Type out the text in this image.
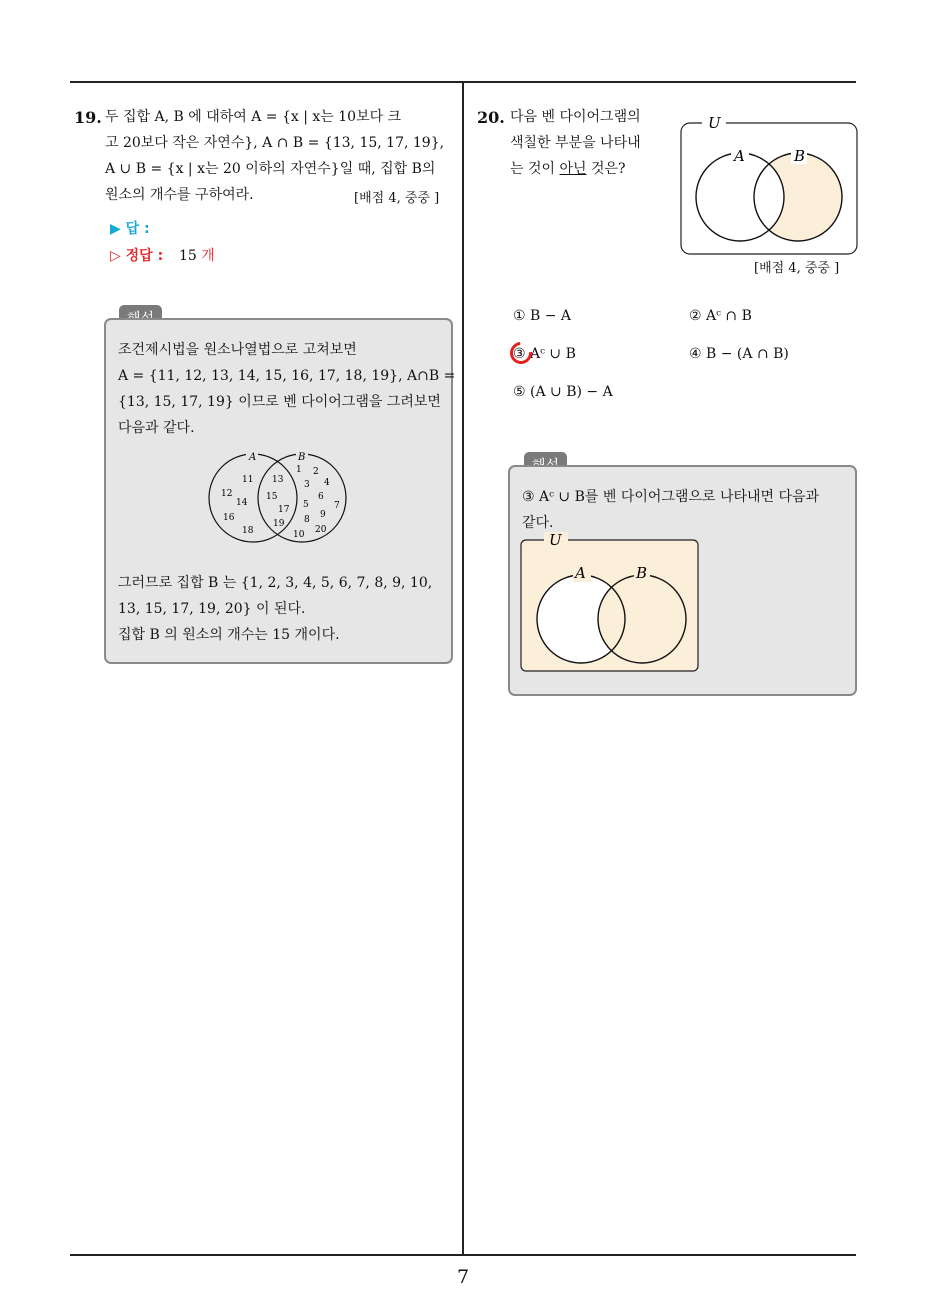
19. 두 집합 A, B 에 대하여 A = {x | x는 10보다 크
고 20보다 작은 자연수}, A ∩ B = {13, 15, 17, 19},
A ∪ B = {x | x는 20 이하의 자연수}일 때, 집합 B의
원소의 개수를 구하여라.	[배점 4, 중중 ]
▶ 답 :
▷ 정답 : 15 개
조건제시법을 원소나열법으로 고쳐보면
A = {11, 12, 13, 14, 15, 16, 17, 18, 19}, A∩B =
{13, 15, 17, 19} 이므로 벤 다이어그램을 그려보면
다음과 같다.
A	B
11
12
14
16
18
13
15
17
19
1 2
3 4
5
6
7
8 9
10 20
그러므로 집합 B 는 {1, 2, 3, 4, 5, 6, 7, 8, 9, 10,
13, 15, 17, 19, 20} 이 된다.
집합 B 의 원소의 개수는 15 개이다.
20. 다음 벤 다이어그램의
색칠한 부분을 나타내
는 것이 아닌 것은?
U
A	B
[배점 4, 중중 ]
① B − A	② Aᶜ ∩ B
③ Aᶜ ∪ B	④ B − (A ∩ B)
⑤ (A ∪ B) − A
③ Aᶜ ∪ B를 벤 다이어그램으로 나타내면 다음과
같다.
U
A	B
7
